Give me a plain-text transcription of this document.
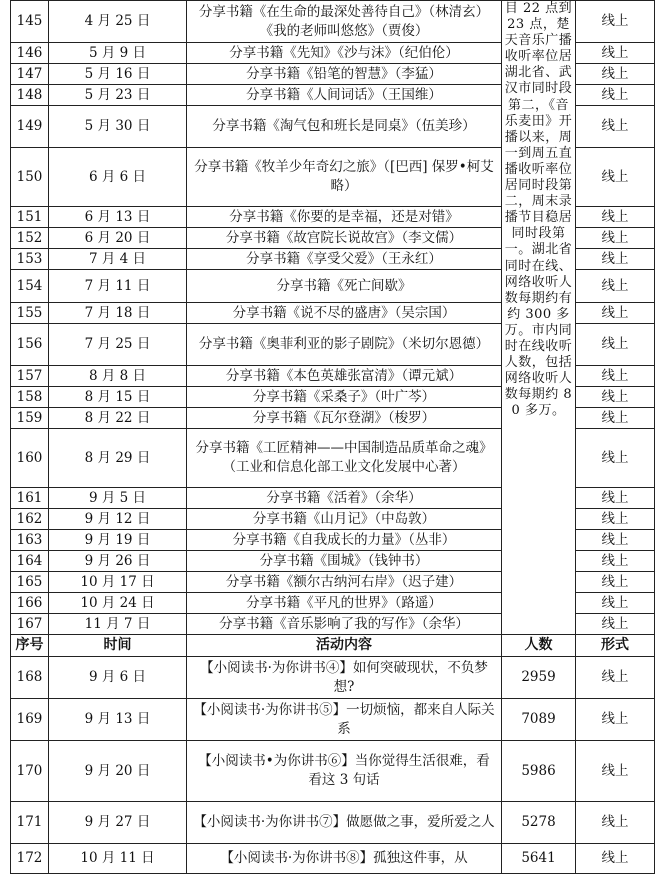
145	4 月 25 日	分享书籍《在生命的最深处善待自己》（林清玄）《我的老师叫悠悠》（贾俊）	目 22 点到 23 点，楚天音乐广播收听率位居湖北省、武汉市同时段第二，《音乐麦田》开播以来，周一到周五直播收听率位居同时段第二，周末录播节目稳居同时段第一。湖北省同时在线、网络收听人数每期约有约 300 多万。市内同时在线收听人数，包括网络收听人数每期约 80 多万。	线上
146	5 月 9 日	分享书籍《先知》《沙与沫》（纪伯伦）		线上
147	5 月 16 日	分享书籍《铅笔的智慧》（李猛）		线上
148	5 月 23 日	分享书籍《人间词话》（王国维）		线上
149	5 月 30 日	分享书籍《淘气包和班长是同桌》（伍美珍）		线上
150	6 月 6 日	分享书籍《牧羊少年奇幻之旅》（[巴西] 保罗•柯艾略）		线上
151	6 月 13 日	分享书籍《你要的是幸福，还是对错》		线上
152	6 月 20 日	分享书籍《故宫院长说故宫》（李文儒）		线上
153	7 月 4 日	分享书籍《享受父爱》（王永红）		线上
154	7 月 11 日	分享书籍《死亡间歇》		线上
155	7 月 18 日	分享书籍《说不尽的盛唐》（吴宗国）		线上
156	7 月 25 日	分享书籍《奥菲利亚的影子剧院》（米切尔恩德）		线上
157	8 月 8 日	分享书籍《本色英雄张富清》（谭元斌）		线上
158	8 月 15 日	分享书籍《采桑子》（叶广芩）		线上
159	8 月 22 日	分享书籍《瓦尔登湖》（梭罗）		线上
160	8 月 29 日	分享书籍《工匠精神——中国制造品质革命之魂》（工业和信息化部工业文化发展中心著）		线上
161	9 月 5 日	分享书籍《活着》（余华）		线上
162	9 月 12 日	分享书籍《山月记》（中岛敦）		线上
163	9 月 19 日	分享书籍《自我成长的力量》（丛非）		线上
164	9 月 26 日	分享书籍《围城》（钱钟书）		线上
165	10 月 17 日	分享书籍《额尔古纳河右岸》（迟子建）		线上
166	10 月 24 日	分享书籍《平凡的世界》（路遥）		线上
167	11 月 7 日	分享书籍《音乐影响了我的写作》（余华）		线上
序号	时间	活动内容	人数	形式
168	9 月 6 日	【小阅读书·为你讲书④】如何突破现状，不负梦想?	2959	线上
169	9 月 13 日	【小阅读书·为你讲书⑤】一切烦恼，都来自人际关系	7089	线上
170	9 月 20 日	【小阅读书•为你讲书⑥】当你觉得生活很难，看看这 3 句话	5986	线上
171	9 月 27 日	【小阅读书·为你讲书⑦】做愿做之事，爱所爱之人	5278	线上
172	10 月 11 日	【小阅读书·为你讲书⑧】孤独这件事，从	5641	线上
